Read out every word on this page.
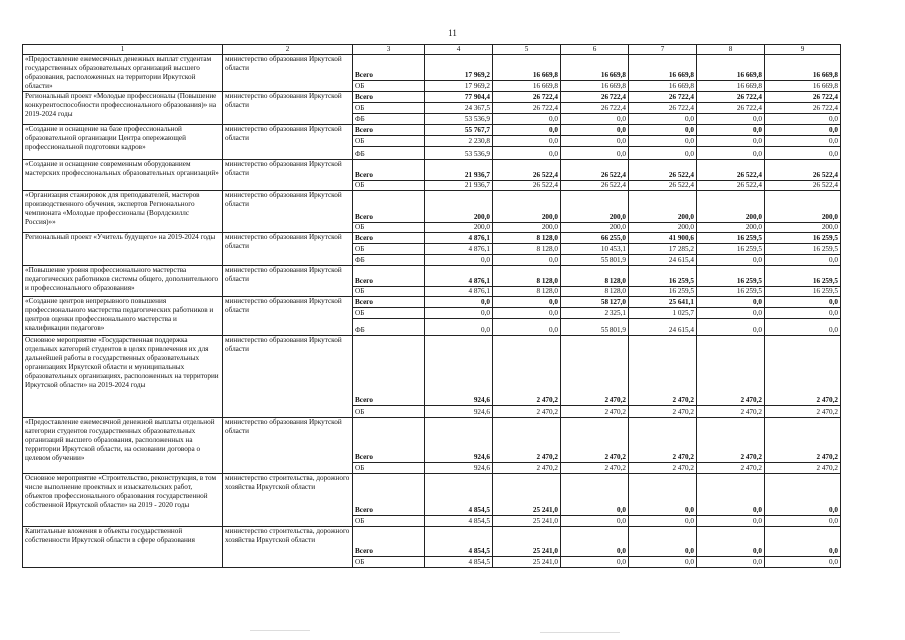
11
1	2	3	4	5	6	7	8	9
«Предоставление ежемесячных денежных выплат студентам государственных образовательных организаций высшего образования, расположенных на территории Иркутской области»	министерство образования Иркутской области	Всего	17 969,2	16 669,8	16 669,8	16 669,8	16 669,8	16 669,8
		ОБ	17 969,2	16 669,8	16 669,8	16 669,8	16 669,8	16 669,8
Региональный проект «Молодые профессионалы (Повышение конкурентоспособности профессионального образования)» на 2019-2024 годы	министерство образования Иркутской области	Всего	77 904,4	26 722,4	26 722,4	26 722,4	26 722,4	26 722,4
		ОБ	24 367,5	26 722,4	26 722,4	26 722,4	26 722,4	26 722,4
		ФБ	53 536,9	0,0	0,0	0,0	0,0	0,0
«Создание и оснащение на базе профессиональной образовательной организации Центра опережающей профессиональной подготовки кадров»	министерство образования Иркутской области	Всего	55 767,7	0,0	0,0	0,0	0,0	0,0
		ОБ	2 230,8	0,0	0,0	0,0	0,0	0,0
		ФБ	53 536,9	0,0	0,0	0,0	0,0	0,0
«Создание и оснащение современным оборудованием мастерских профессиональных образовательных организаций»	министерство образования Иркутской области	Всего	21 936,7	26 522,4	26 522,4	26 522,4	26 522,4	26 522,4
		ОБ	21 936,7	26 522,4	26 522,4	26 522,4	26 522,4	26 522,4
«Организация стажировок для преподавателей, мастеров производственного обучения, экспертов Регионального чемпионата «Молодые профессионалы (Ворлдскиллс Россия)»»	министерство образования Иркутской области	Всего	200,0	200,0	200,0	200,0	200,0	200,0
		ОБ	200,0	200,0	200,0	200,0	200,0	200,0
Региональный проект «Учитель будущего» на 2019-2024 годы	министерство образования Иркутской области	Всего	4 876,1	8 128,0	66 255,0	41 900,6	16 259,5	16 259,5
		ОБ	4 876,1	8 128,0	10 453,1	17 285,2	16 259,5	16 259,5
		ФБ	0,0	0,0	55 801,9	24 615,4	0,0	0,0
«Повышение уровня профессионального мастерства педагогических работников системы общего, дополнительного и профессионального образования»	министерство образования Иркутской области	Всего	4 876,1	8 128,0	8 128,0	16 259,5	16 259,5	16 259,5
		ОБ	4 876,1	8 128,0	8 128,0	16 259,5	16 259,5	16 259,5
«Создание центров непрерывного повышения профессионального мастерства педагогических работников и центров оценки профессионального мастерства и квалификации педагогов»	министерство образования Иркутской области	Всего	0,0	0,0	58 127,0	25 641,1	0,0	0,0
		ОБ	0,0	0,0	2 325,1	1 025,7	0,0	0,0
		ФБ	0,0	0,0	55 801,9	24 615,4	0,0	0,0
Основное мероприятие «Государственная поддержка отдельных категорий студентов в целях привлечения их для дальнейшей работы в государственных образовательных организациях Иркутской области и муниципальных образовательных организациях, расположенных на территории Иркутской области» на 2019-2024 годы	министерство образования Иркутской области	Всего	924,6	2 470,2	2 470,2	2 470,2	2 470,2	2 470,2
		ОБ	924,6	2 470,2	2 470,2	2 470,2	2 470,2	2 470,2
«Предоставление ежемесячной денежной выплаты отдельной категории студентов государственных образовательных организаций высшего образования, расположенных на территории Иркутской области, на основании договора о целевом обучении»	министерство образования Иркутской области	Всего	924,6	2 470,2	2 470,2	2 470,2	2 470,2	2 470,2
		ОБ	924,6	2 470,2	2 470,2	2 470,2	2 470,2	2 470,2
Основное мероприятие «Строительство, реконструкция, в том числе выполнение проектных и изыскательских работ, объектов профессионального образования государственной собственной Иркутской области» на 2019 - 2020 годы	министерство строительства, дорожного хозяйства Иркутской области	Всего	4 854,5	25 241,0	0,0	0,0	0,0	0,0
		ОБ	4 854,5	25 241,0	0,0	0,0	0,0	0,0
Капитальные вложения в объекты государственной собственности Иркутской области в сфере образования	министерство строительства, дорожного хозяйства Иркутской области	Всего	4 854,5	25 241,0	0,0	0,0	0,0	0,0
		ОБ	4 854,5	25 241,0	0,0	0,0	0,0	0,0
